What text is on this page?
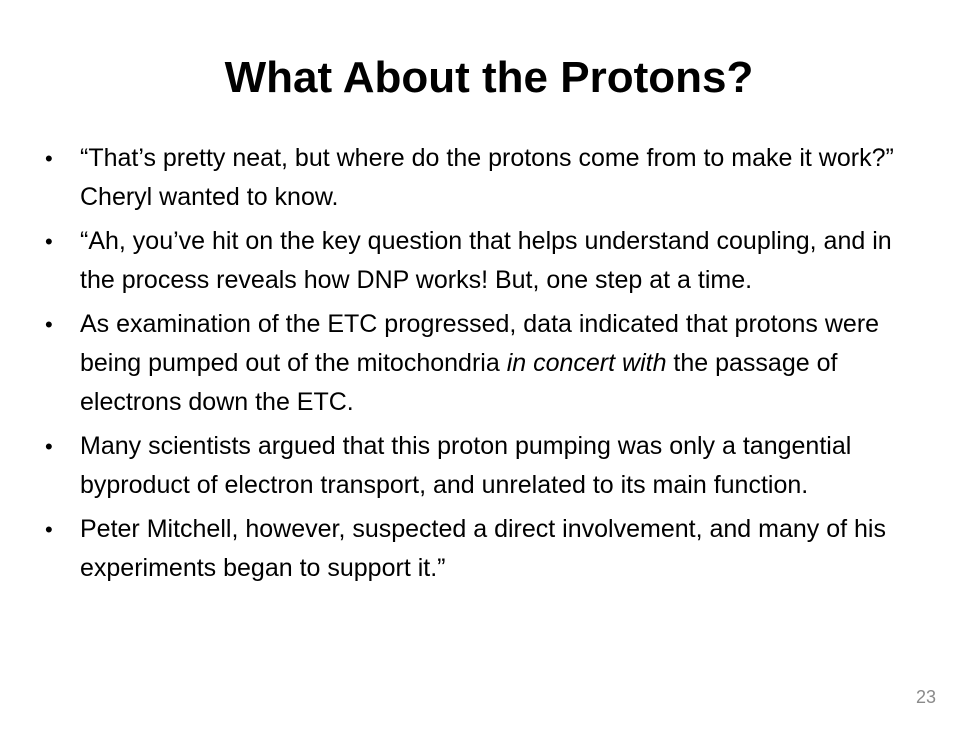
What About the Protons?
• “That’s pretty neat, but where do the protons come from to make it work?” Cheryl wanted to know.
• “Ah, you’ve hit on the key question that helps understand coupling, and in the process reveals how DNP works! But, one step at a time.
• As examination of the ETC progressed, data indicated that protons were being pumped out of the mitochondria in concert with the passage of electrons down the ETC.
• Many scientists argued that this proton pumping was only a tangential byproduct of electron transport, and unrelated to its main function.
• Peter Mitchell, however, suspected a direct involvement, and many of his experiments began to support it.”
23
